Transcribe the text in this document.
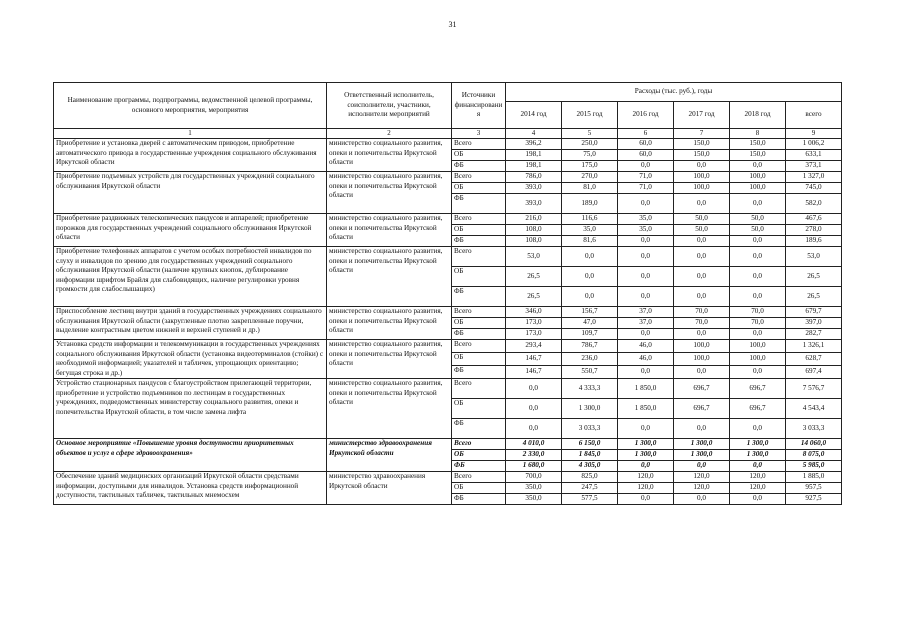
31
Наименование программы, подпрограммы, ведомственной целевой программы, основного мероприятия, мероприятия	Ответственный исполнитель, соисполнители, участники, исполнители мероприятий	Источники финансировани я	Расходы (тыс. руб.), годы					
			2014 год	2015 год	2016 год	2017 год	2018 год	всего
1	2	3	4	5	6	7	8	9
Приобретение и установка дверей с автоматическим приводом, приобретение автоматического привода в государственные учреждения социального обслуживания Иркутской области	министерство социального развития, опеки и попечительства Иркутской области	Всего	396,2	250,0	60,0	150,0	150,0	1 006,2
		ОБ	198,1	75,0	60,0	150,0	150,0	633,1
		ФБ	198,1	175,0	0,0	0,0	0,0	373,1
Приобретение подъемных устройств для государственных учреждений социального обслуживания Иркутской области	министерство социального развития, опеки и попечительства Иркутской области	Всего	786,0	270,0	71,0	100,0	100,0	1 327,0
		ОБ	393,0	81,0	71,0	100,0	100,0	745,0
		ФБ	393,0	189,0	0,0	0,0	0,0	582,0
Приобретение раздвижных телескопических пандусов и аппарелей; приобретение порожков для государственных учреждений социального обслуживания Иркутской области	министерство социального развития, опеки и попечительства Иркутской области	Всего	216,0	116,6	35,0	50,0	50,0	467,6
		ОБ	108,0	35,0	35,0	50,0	50,0	278,0
		ФБ	108,0	81,6	0,0	0,0	0,0	189,6
Приобретение телефонных аппаратов с учетом особых потребностей инвалидов по слуху и инвалидов по зрению для государственных учреждений социального обслуживания Иркутской области (наличие крупных кнопок, дублирование информации шрифтом Брайля для слабовидящих, наличие регулировки уровня громкости для слабослышащих)	министерство социального развития, опеки и попечительства Иркутской области	Всего	53,0	0,0	0,0	0,0	0,0	53,0
		ОБ	26,5	0,0	0,0	0,0	0,0	26,5
		ФБ	26,5	0,0	0,0	0,0	0,0	26,5
Приспособление лестниц внутри зданий в государственных учреждениях социального обслуживания Иркутской области (закругленные плотно закрепленные поручни, выделение контрастным цветом нижней и верхней ступеней и др.)	министерство социального развития, опеки и попечительства Иркутской области	Всего	346,0	156,7	37,0	70,0	70,0	679,7
		ОБ	173,0	47,0	37,0	70,0	70,0	397,0
		ФБ	173,0	109,7	0,0	0,0	0,0	282,7
Установка средств информации и телекоммуникации в государственных учреждениях социального обслуживания Иркутской области (установка видеотерминалов (стойки) с необходимой информацией; указателей и табличек, упрощающих ориентацию; бегущая строка и др.)	министерство социального развития, опеки и попечительства Иркутской области	Всего	293,4	786,7	46,0	100,0	100,0	1 326,1
		ОБ	146,7	236,0	46,0	100,0	100,0	628,7
		ФБ	146,7	550,7	0,0	0,0	0,0	697,4
Устройство стационарных пандусов с благоустройством прилегающей территории, приобретение и устройство подъемников по лестницам в государственных учреждениях, подведомственных министерству социального развития, опеки и попечительства Иркутской области, в том числе замена лифта	министерство социального развития, опеки и попечительства Иркутской области	Всего	0,0	4 333,3	1 850,0	696,7	696,7	7 576,7
		ОБ	0,0	1 300,0	1 850,0	696,7	696,7	4 543,4
		ФБ	0,0	3 033,3	0,0	0,0	0,0	3 033,3
Основное мероприятие «Повышение уровня доступности приоритетных объектов и услуг в сфере здравоохранения»	министерство здравоохранения Иркутской области	Всего	4 010,0	6 150,0	1 300,0	1 300,0	1 300,0	14 060,0
		ОБ	2 330,0	1 845,0	1 300,0	1 300,0	1 300,0	8 075,0
		ФБ	1 680,0	4 305,0	0,0	0,0	0,0	5 985,0
Обеспечение зданий медицинских организаций Иркутской области средствами информации, доступными для инвалидов. Установка средств информационной доступности, тактильных табличек, тактильных мнемосхем	министерство здравоохранения Иркутской области	Всего	700,0	825,0	120,0	120,0	120,0	1 885,0
		ОБ	350,0	247,5	120,0	120,0	120,0	957,5
		ФБ	350,0	577,5	0,0	0,0	0,0	927,5
